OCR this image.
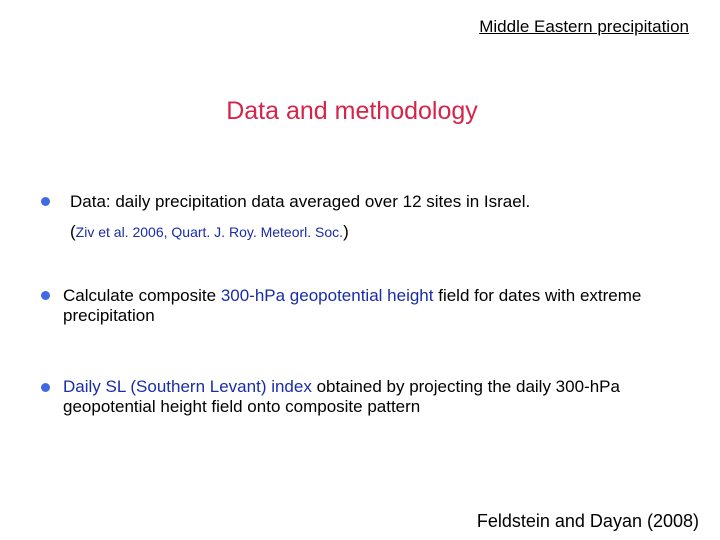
Middle Eastern precipitation
Data and methodology
Data: daily precipitation data averaged over 12 sites in Israel.
(Ziv et al. 2006, Quart. J. Roy. Meteorl. Soc.)
Calculate composite 300-hPa geopotential height field for dates with extreme
precipitation
Daily SL (Southern Levant) index obtained by projecting the daily 300-hPa
geopotential height field onto composite pattern
Feldstein and Dayan (2008)
